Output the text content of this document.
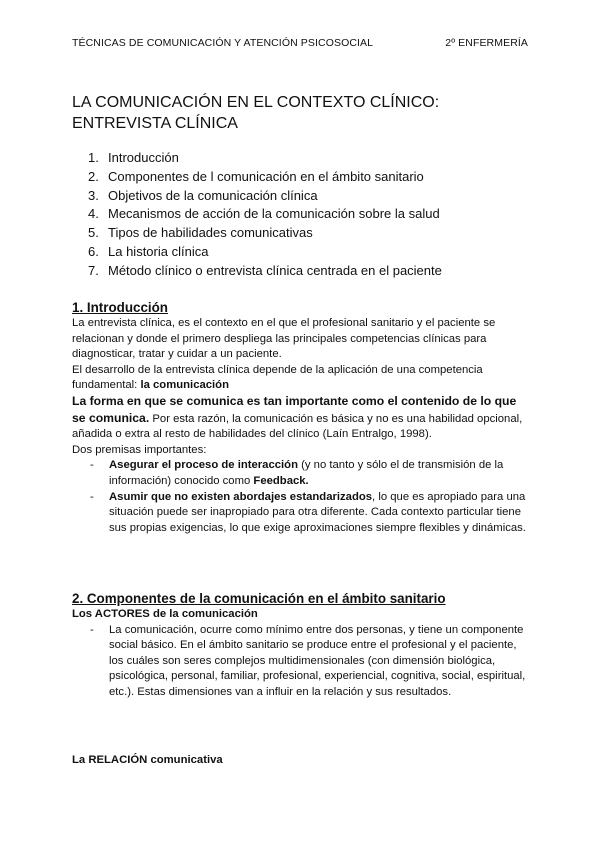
TÉCNICAS DE COMUNICACIÓN Y ATENCIÓN PSICOSOCIAL	2º ENFERMERÍA
LA COMUNICACIÓN EN EL CONTEXTO CLÍNICO:
ENTREVISTA CLÍNICA
1. Introducción
2. Componentes de l comunicación en el ámbito sanitario
3. Objetivos de la comunicación clínica
4. Mecanismos de acción de la comunicación sobre la salud
5. Tipos de habilidades comunicativas
6. La historia clínica
7. Método clínico o entrevista clínica centrada en el paciente

1. Introducción

La entrevista clínica, es el contexto en el que el profesional sanitario y el paciente se relacionan y donde el primero despliega las principales competencias clínicas para diagnosticar, tratar y cuidar a un paciente.

El desarrollo de la entrevista clínica depende de la aplicación de una competencia fundamental: la comunicación

La forma en que se comunica es tan importante como el contenido de lo que se comunica. Por esta razón, la comunicación es básica y no es una habilidad opcional, añadida o extra al resto de habilidades del clínico (Laín Entralgo, 1998).

Dos premisas importantes:

-	Asegurar el proceso de interacción (y no tanto y sólo el de transmisión de la información) conocido como Feedback.
-	Asumir que no existen abordajes estandarizados, lo que es apropiado para una situación puede ser inapropiado para otra diferente. Cada contexto particular tiene sus propias exigencias, lo que exige aproximaciones siempre flexibles y dinámicas.

2. Componentes de la comunicación en el ámbito sanitario

Los ACTORES de la comunicación

-	La comunicación, ocurre como mínimo entre dos personas, y tiene un componente social básico. En el ámbito sanitario se produce entre el profesional y el paciente, los cuáles son seres complejos multidimensionales (con dimensión biológica, psicológica, personal, familiar, profesional, experiencial, cognitiva, social, espiritual, etc.). Estas dimensiones van a influir en la relación y sus resultados.

La RELACIÓN comunicativa
